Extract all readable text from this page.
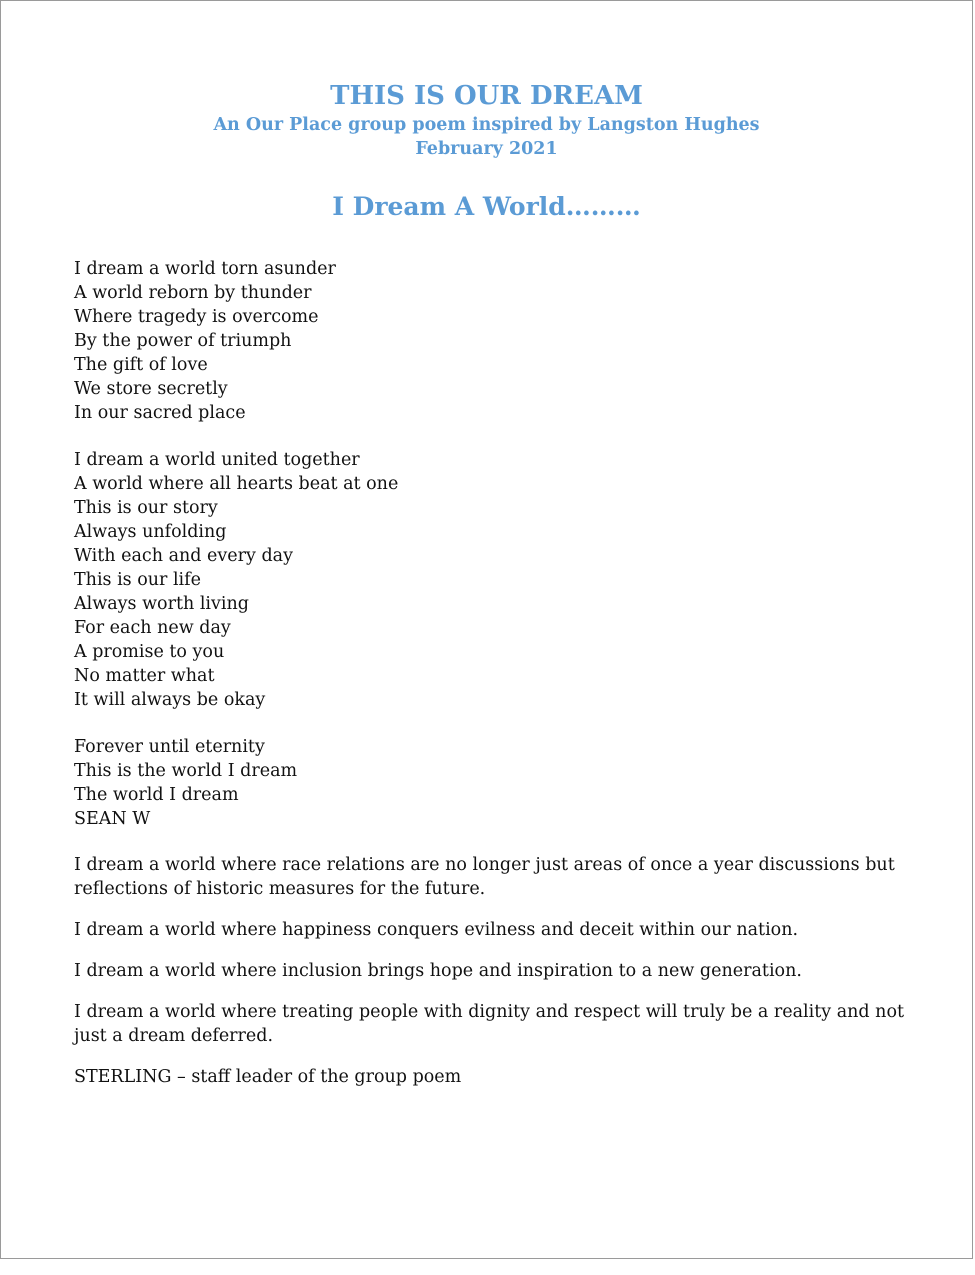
THIS IS OUR DREAM
An Our Place group poem inspired by Langston Hughes
February 2021
I Dream A World………
I dream a world torn asunder
A world reborn by thunder
Where tragedy is overcome
By the power of triumph
The gift of love
We store secretly
In our sacred place
I dream a world united together
A world where all hearts beat at one
This is our story
Always unfolding
With each and every day
This is our life
Always worth living
For each new day
A promise to you
No matter what
It will always be okay
Forever until eternity
This is the world I dream
The world I dream
SEAN W

I dream a world where race relations are no longer just areas of once a year discussions but reflections of historic measures for the future.

I dream a world where happiness conquers evilness and deceit within our nation.

I dream a world where inclusion brings hope and inspiration to a new generation.

I dream a world where treating people with dignity and respect will truly be a reality and not just a dream deferred.

STERLING – staff leader of the group poem
